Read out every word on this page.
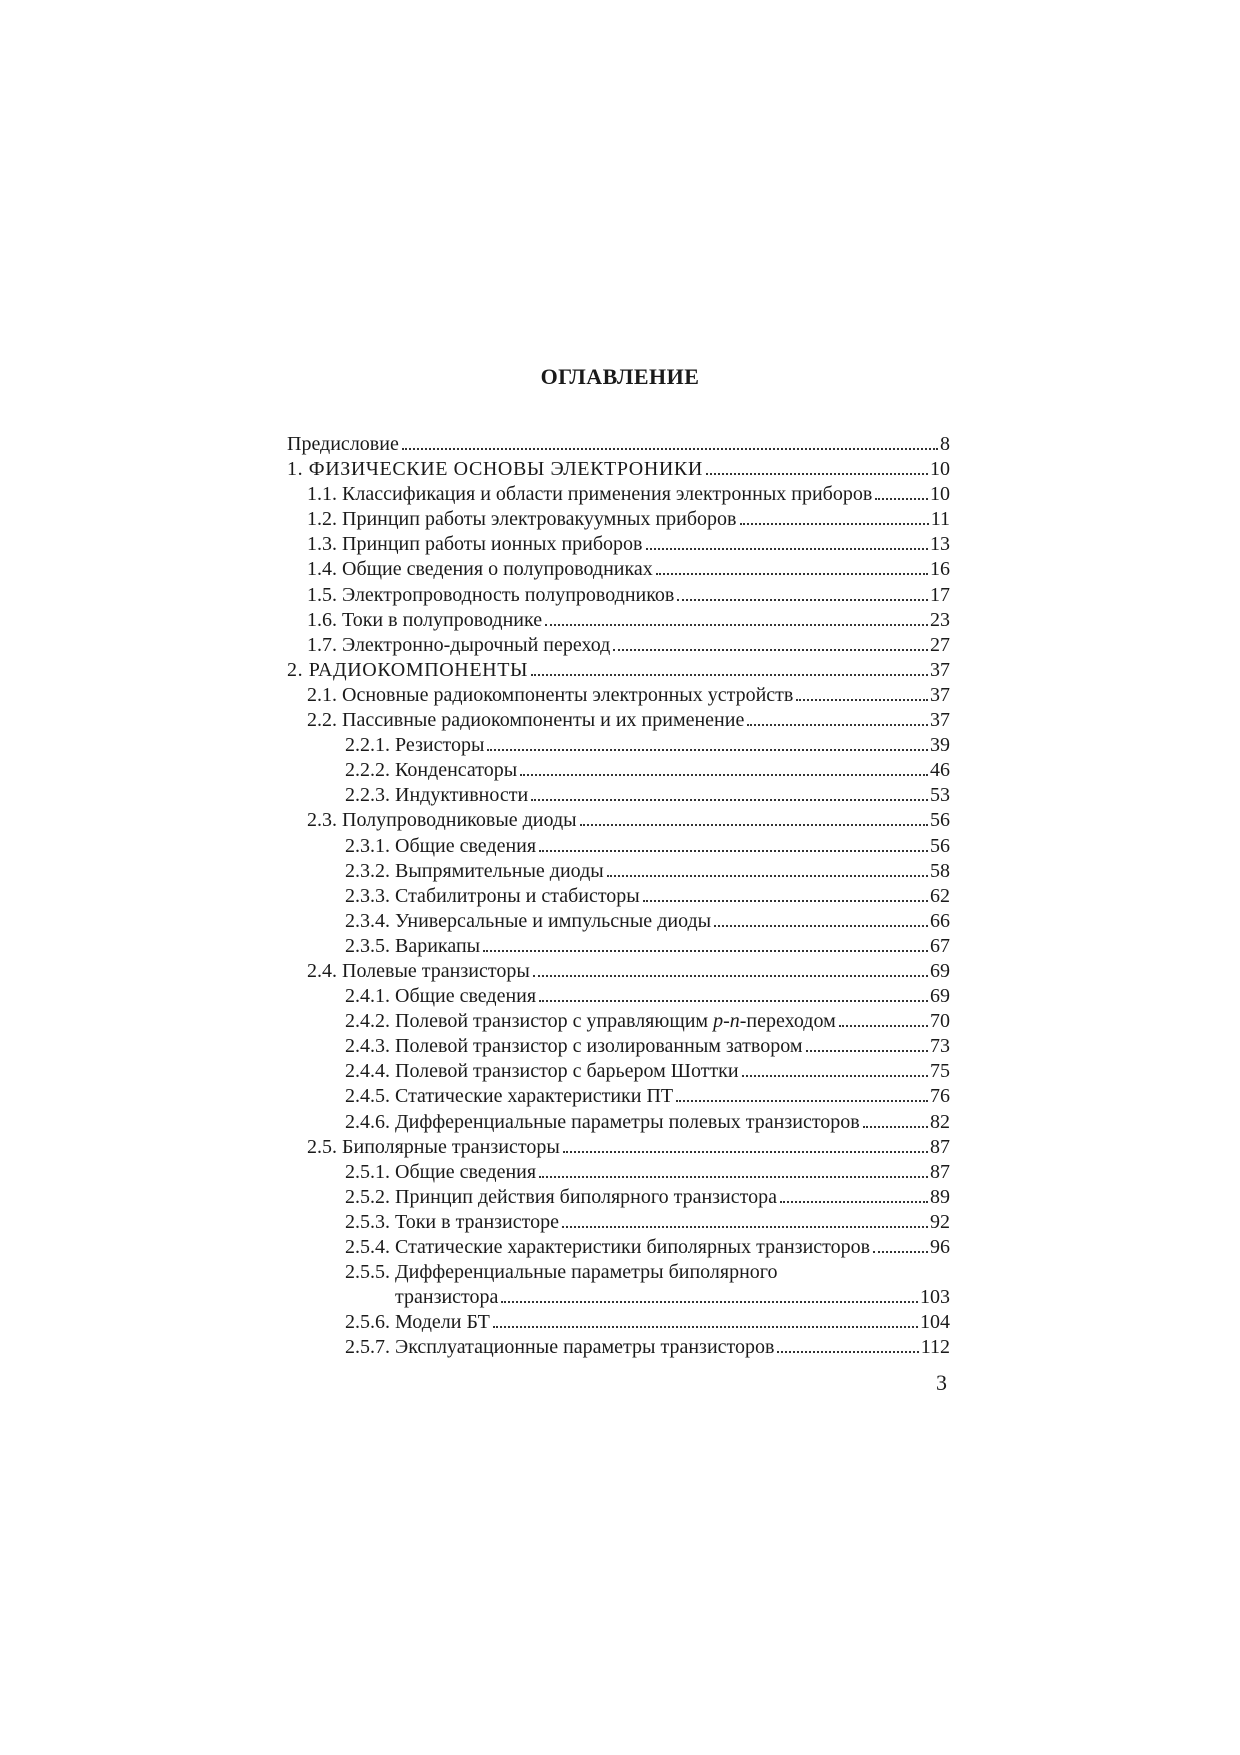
ОГЛАВЛЕНИЕ
Предисловие	8
1. ФИЗИЧЕСКИЕ ОСНОВЫ ЭЛЕКТРОНИКИ	10
1.1. Классификация и области применения электронных приборов	10
1.2. Принцип работы электровакуумных приборов	11
1.3. Принцип работы ионных приборов	13
1.4. Общие сведения о полупроводниках	16
1.5. Электропроводность полупроводников	17
1.6. Токи в полупроводнике	23
1.7. Электронно-дырочный переход	27
2. РАДИОКОМПОНЕНТЫ	37
2.1. Основные радиокомпоненты электронных устройств	37
2.2. Пассивные радиокомпоненты и их применение	37
2.2.1. Резисторы	39
2.2.2. Конденсаторы	46
2.2.3. Индуктивности	53
2.3. Полупроводниковые диоды	56
2.3.1. Общие сведения	56
2.3.2. Выпрямительные диоды	58
2.3.3. Стабилитроны и стабисторы	62
2.3.4. Универсальные и импульсные диоды	66
2.3.5. Варикапы	67
2.4. Полевые транзисторы	69
2.4.1. Общие сведения	69
2.4.2. Полевой транзистор с управляющим p-n-переходом	70
2.4.3. Полевой транзистор с изолированным затвором	73
2.4.4. Полевой транзистор с барьером Шоттки	75
2.4.5. Статические характеристики ПТ	76
2.4.6. Дифференциальные параметры полевых транзисторов	82
2.5. Биполярные транзисторы	87
2.5.1. Общие сведения	87
2.5.2. Принцип действия биполярного транзистора	89
2.5.3. Токи в транзисторе	92
2.5.4. Статические характеристики биполярных транзисторов	96
2.5.5. Дифференциальные параметры биполярного
транзистора	103
2.5.6. Модели БТ	104
2.5.7. Эксплуатационные параметры транзисторов	112
3
